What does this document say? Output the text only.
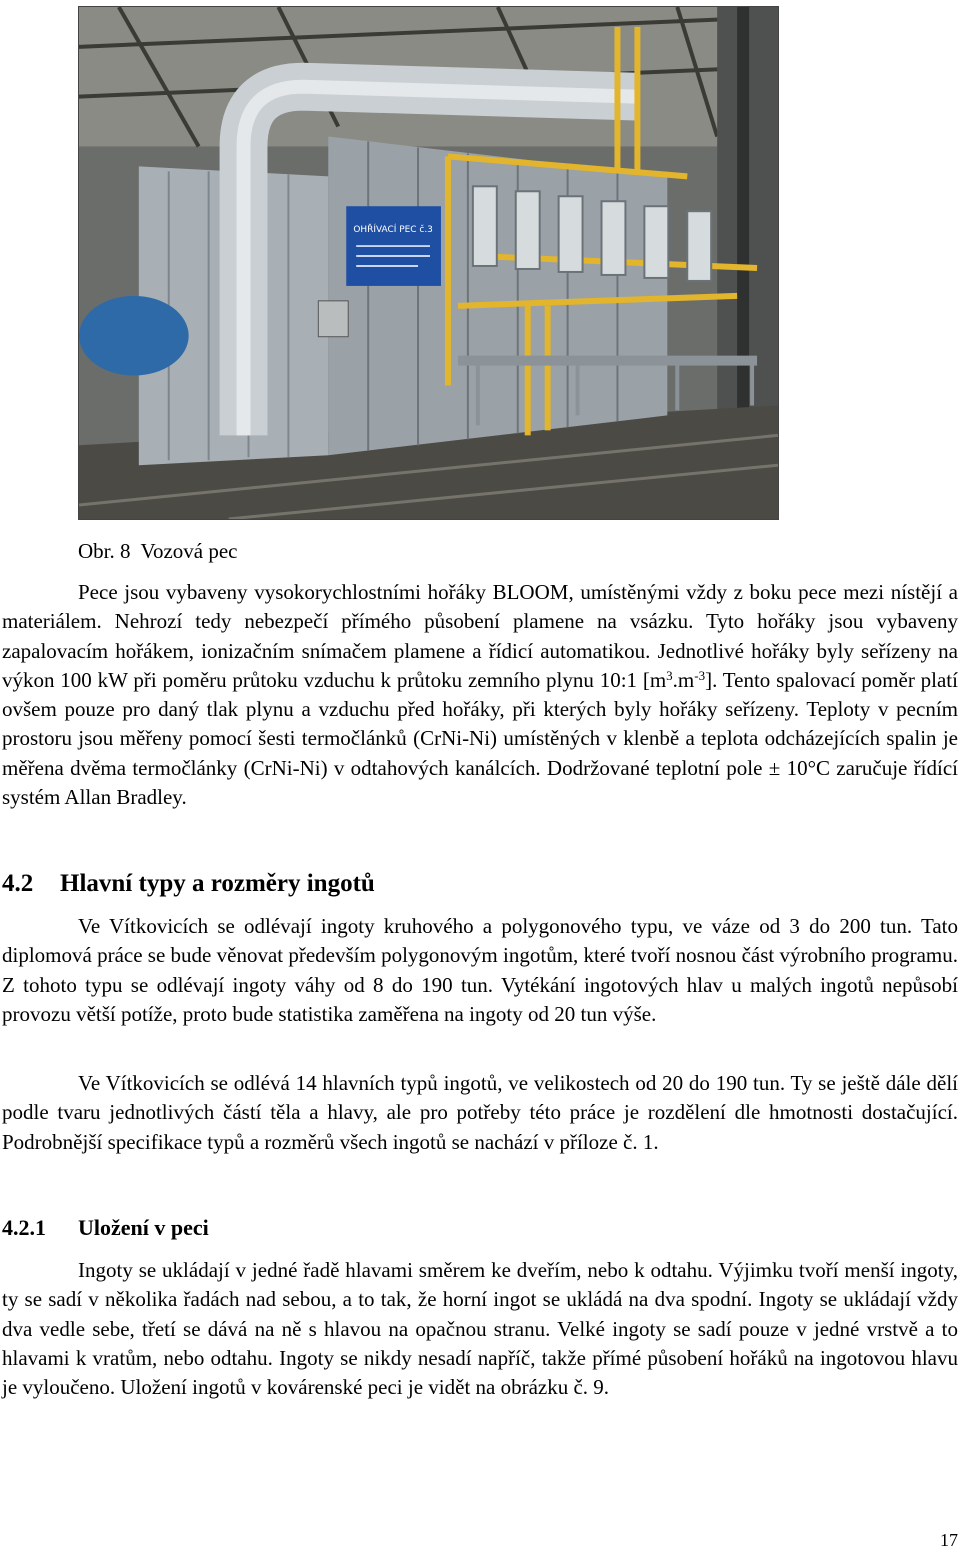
OHŘÍVACÍ PEC č.3
Obr. 8 Vozová pec

Pece jsou vybaveny vysokorychlostními hořáky BLOOM, umístěnými vždy z boku pece mezi nístějí a materiálem. Nehrozí tedy nebezpečí přímého působení plamene na vsázku. Tyto hořáky jsou vybaveny zapalovacím hořákem, ionizačním snímačem plamene a řídicí automatikou. Jednotlivé hořáky byly seřízeny na výkon 100 kW při poměru průtoku vzduchu k průtoku zemního plynu 10:1 $[m^3.m^{-3}]$. Tento spalovací poměr platí ovšem pouze pro daný tlak plynu a vzduchu před hořáky, při kterých byly hořáky seřízeny. Teploty v pecním prostoru jsou měřeny pomocí šesti termočlánků (CrNi-Ni) umístěných v klenbě a teplota odcházejících spalin je měřena dvěma termočlánky (CrNi-Ni) v odtahových kanálcích. Dodržované teplotní pole ± 10°C zaručuje řídící systém Allan Bradley.

4.2 Hlavní typy a rozměry ingotů

Ve Vítkovicích se odlévají ingoty kruhového a polygonového typu, ve váze od 3 do 200 tun. Tato diplomová práce se bude věnovat především polygonovým ingotům, které tvoří nosnou část výrobního programu. Z tohoto typu se odlévají ingoty váhy od 8 do 190 tun. Vytékání ingotových hlav u malých ingotů nepůsobí provozu větší potíže, proto bude statistika zaměřena na ingoty od 20 tun výše.

Ve Vítkovicích se odlévá 14 hlavních typů ingotů, ve velikostech od 20 do 190 tun. Ty se ještě dále dělí podle tvaru jednotlivých částí těla a hlavy, ale pro potřeby této práce je rozdělení dle hmotnosti dostačující. Podrobnější specifikace typů a rozměrů všech ingotů se nachází v příloze č. 1.

4.2.1 Uložení v peci

Ingoty se ukládají v jedné řadě hlavami směrem ke dveřím, nebo k odtahu. Výjimku tvoří menší ingoty, ty se sadí v několika řadách nad sebou, a to tak, že horní ingot se ukládá na dva spodní. Ingoty se ukládají vždy dva vedle sebe, třetí se dává na ně s hlavou na opačnou stranu. Velké ingoty se sadí pouze v jedné vrstvě a to hlavami k vratům, nebo odtahu. Ingoty se nikdy nesadí napříč, takže přímé působení hořáků na ingotovou hlavu je vyloučeno. Uložení ingotů v kovárenské peci je vidět na obrázku č. 9.

17
